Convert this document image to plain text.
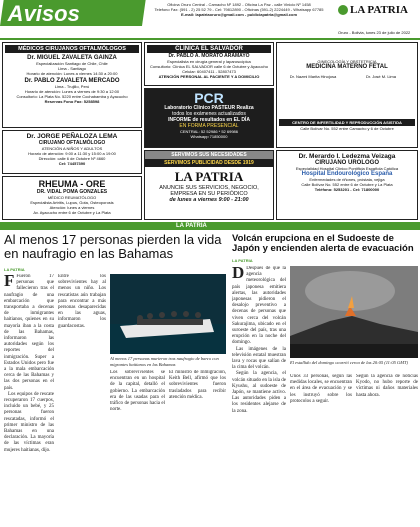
Avisos	Oficina Oruro Central - Camacho Nº 1892 - Oficina La Paz - calle Vinicio Nº 1458
Telefono Fax: (591 - 2) 25 52 79 - Cel: 79812890 - Oficinas (591-2) 2224449 - Whatsapp 67785
E-mail: lapatriaoruro@gmail.com - publiciapatria@gmail.com	LA PATRIA
Oruro - Bolivia, lunes 23 de julio de 2022
MÉDICOS CIRUJANOS OFTALMÓLOGOS
Dr. MIGUEL ZAVALETA GAINZA
Especialización Santiago de Chile, Chile
Lima - Santiago
Horario de atención: Lunes a viernes 14:30 a 20:00
Dr. PABLO ZAVALETA MERCADO
Lima - Trujillo, Perú
Horario de atención: Lunes a viernes de 9:30 a 12:00
Consultorio: La Plata No. 5220 entre Cochabamba y Ayacucho
Reservas Fono Fax: 5258598
CLÍNICA EL SALVADOR
Dr. PABLO A. MORATO ARAMAYO
Especialista en cirugía general y laparoscópica
Consultorio: Clínica EL SALVADOR calle 6 de Octubre y Ayacucho
Celular: 60407411 - 52807473
ATENCIÓN PERSONAL AL PACIENTE Y A DOMICILIO
PCR
Laboratorio Clínico PASTEUR Realiza
todos los exámenes actualizados
INFORME de resultados en EL DÍA
EN FORMA PRESENCIAL
CENTRAL: 52 52986 * 52 69986
Whatsapp 71850000
GINECOLOGÍA Y OBSTETRICIA
MEDICINA MATERNO FETAL
Dr. Nazmi Marita Hinojosa	Dr. José M. Lima
CENTRO DE INFERTILIDAD Y REPRODUCCIÓN ASISTIDA
Calle Bolívar No. 552 entre Camacho y 6 de Octubre
Dr. JORGE PEÑALOZA LEMA
CIRUJANO OFTALMÓLOGO
ATENCIÓN A NIÑOS Y ADULTOS
Horario de atención: 9:00 a 11:30 y 15:00 a 19:00
Dirección: calle 6 de Octubre Nº 4660
Cel: 74457390
RHEUMA - ORE
DR. VIDAL POMA GONZALES
MÉDICO REUMATÓLOGO
Especialista Artritis, Lupus, Gota, Osteoporosis
Atención: lunes a viernes
Av. Ayacucho entre 6 de Octubre y La Plata
SERVIMOS SUS NECESIDADES
SERVIMOS PUBLICIDAD DESDE 1919
LA PATRIA
ANUNCIE SUS SERVICIOS, NEGOCIO,
EMPRESA EN SU PERIÓDICO
de lunes a viernes 9:00 - 21:00
Dr. Merardo I. Ledezma Veizaga
CIRUJANO UROLOGO
Especialidad Hospital Clínico Pontificia Española Católica
Hospital Endourológico España
Enfermedades de riñones, próstata, vejiga
Calle Bolívar No. 552 entre 6 de Octubre y La Plata
Teléfono: 5253201 - Cel: 71800000
LA PATRIA
Al menos 17 personas pierden la vida en naufragio en las Bahamas
LA PATRIA
F Fueron 17 personas que fallecieron tras el naufragio de una embarcación que transportaba a decenas de inmigrantes haitianos, quienes en su mayoría iban a la costa de las Bahamas, informaron las autoridades según los reportes del inmigración. Super a Estados Unidos pero fue a la mala embarcación cerca de las Bahamas y las dos personas en el país.

Los equipos de rescate recuperaron 17 cuerpos, incluido un bebé, y 25 personas fueron rescatadas, informó el primer ministro de las Bahamas en una declaración. La mayoría de las víctimas eran mujeres haitianas, dijo.

Entre los sobrevivientes hay al menos un niño. Los rescatistas aún trabajan para encontrar a más personas desaparecidas en las aguas, informaron los guardacostas.
Al menos 17 personas murieron tras naufragio de barco con migrantes haitianos en las Bahamas
Los sobrevivientes se encuentran en un hospital de la capital, detalló el gobierno. La embarcación era de las usadas para el tráfico de personas hacia el norte.
El ministro de Inmigración, Keith Bell, afirmó que los sobrevivientes fueron trasladados para recibir atención médica.
Volcán erupciona en el Sudoeste de Japón y encienden alerta de evacuación
LA PATRIA
D Después de que la agencia meteorológica del país japonesa emitiera alertas, las autoridades japonesas pidieron el desalojo preventivo a decenas de personas que viven cerca del volcán Sakurajima, ubicado en el suroeste del país, tras una erupción en la noche del domingo.

Las imágenes de la televisión estatal muestran lava y rocas que salían de la cima del volcán.

Según la agencia, el volcán situado en la isla de Kyushu, al sudoeste de Japón, se mantiene activo. Las autoridades piden a los residentes alejarse de la zona.

El estallido del domingo ocurrió cerca de las 20:05 (11:05 GMT)
Unos 33 personas, según las medidas locales, se encuentran en el área de evacuación y se les instruyó sobre los protocolos a seguir.
Según la agencia de noticias Kyodo, no hubo reporte de víctimas ni daños materiales hasta ahora.
